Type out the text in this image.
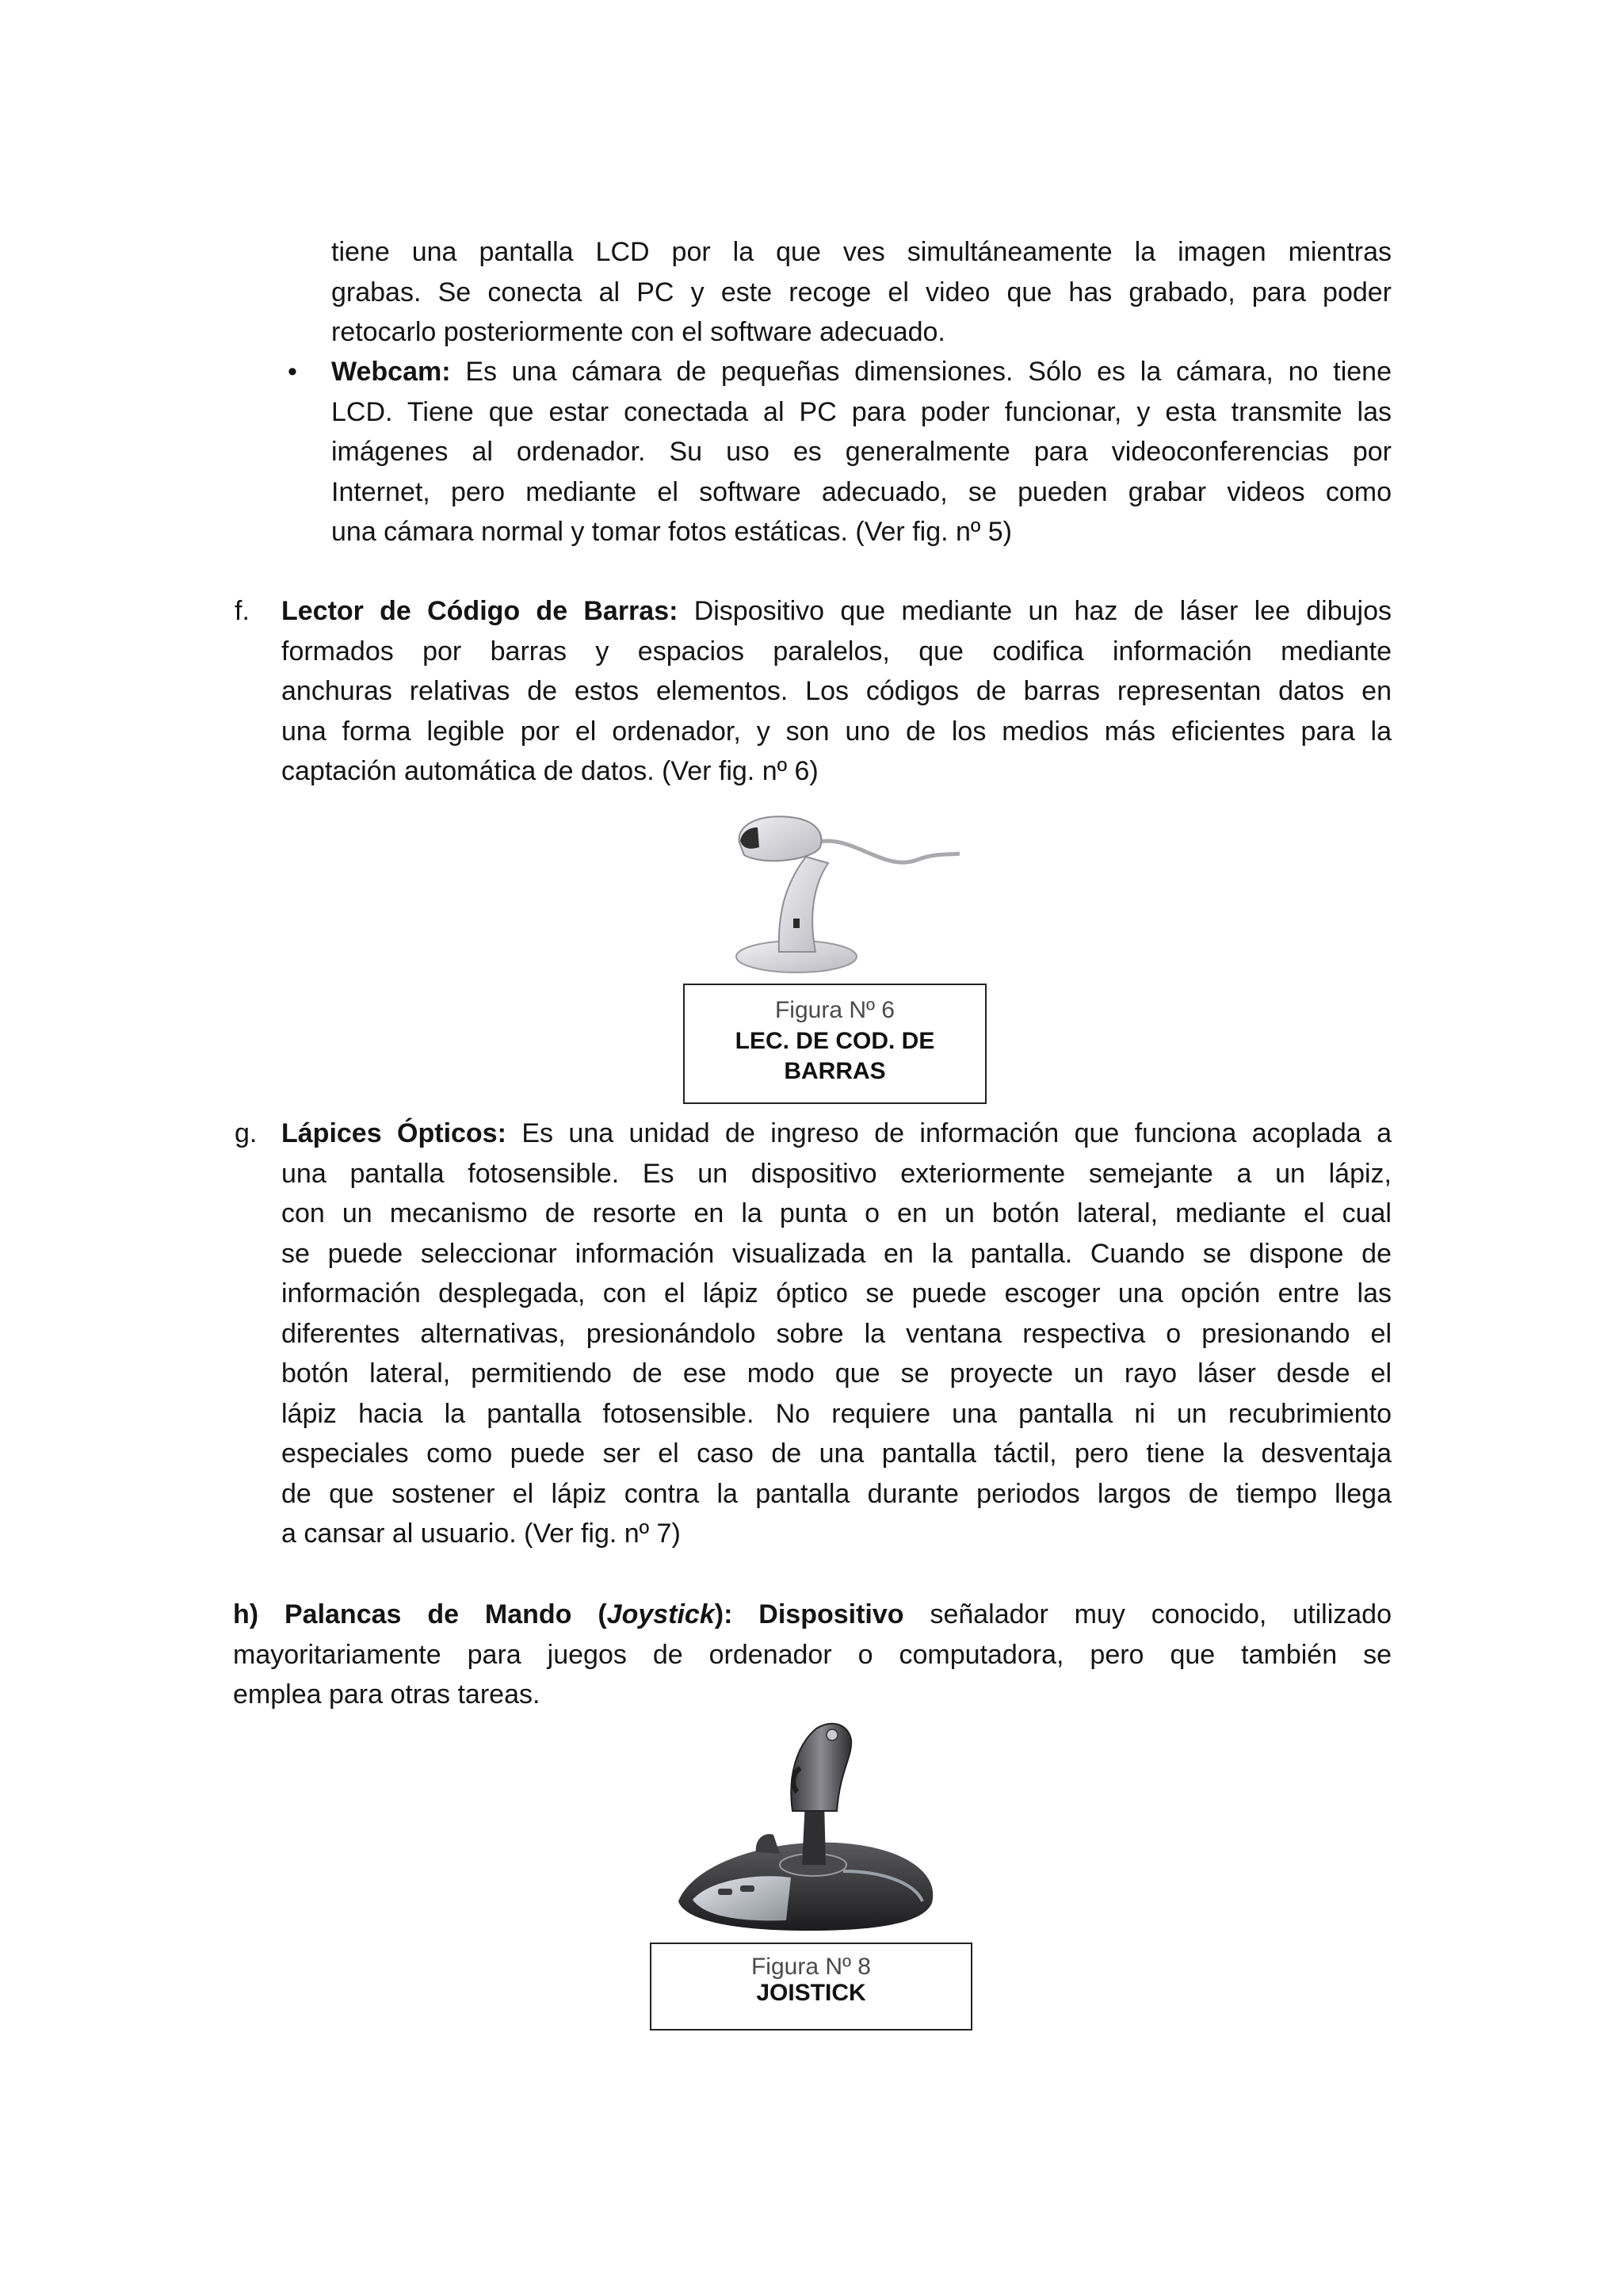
tiene una pantalla LCD por la que ves simultáneamente la imagen mientras
grabas. Se conecta al PC y este recoge el video que has grabado, para poder
retocarlo posteriormente con el software adecuado.
• Webcam: Es una cámara de pequeñas dimensiones. Sólo es la cámara, no tiene
LCD. Tiene que estar conectada al PC para poder funcionar, y esta transmite las
imágenes al ordenador. Su uso es generalmente para videoconferencias por
Internet, pero mediante el software adecuado, se pueden grabar videos como
una cámara normal y tomar fotos estáticas. (Ver fig. nº 5)
f. Lector de Código de Barras: Dispositivo que mediante un haz de láser lee dibujos
formados por barras y espacios paralelos, que codifica información mediante
anchuras relativas de estos elementos. Los códigos de barras representan datos en
una forma legible por el ordenador, y son uno de los medios más eficientes para la
captación automática de datos. (Ver fig. nº 6)
Figura Nº 6
LEC. DE COD. DE
BARRAS
g. Lápices Ópticos: Es una unidad de ingreso de información que funciona acoplada a
una pantalla fotosensible. Es un dispositivo exteriormente semejante a un lápiz,
con un mecanismo de resorte en la punta o en un botón lateral, mediante el cual
se puede seleccionar información visualizada en la pantalla. Cuando se dispone de
información desplegada, con el lápiz óptico se puede escoger una opción entre las
diferentes alternativas, presionándolo sobre la ventana respectiva o presionando el
botón lateral, permitiendo de ese modo que se proyecte un rayo láser desde el
lápiz hacia la pantalla fotosensible. No requiere una pantalla ni un recubrimiento
especiales como puede ser el caso de una pantalla táctil, pero tiene la desventaja
de que sostener el lápiz contra la pantalla durante periodos largos de tiempo llega
a cansar al usuario. (Ver fig. nº 7)
h) Palancas de Mando (Joystick): Dispositivo señalador muy conocido, utilizado
mayoritariamente para juegos de ordenador o computadora, pero que también se
emplea para otras tareas.
Figura Nº 8
JOISTICK
